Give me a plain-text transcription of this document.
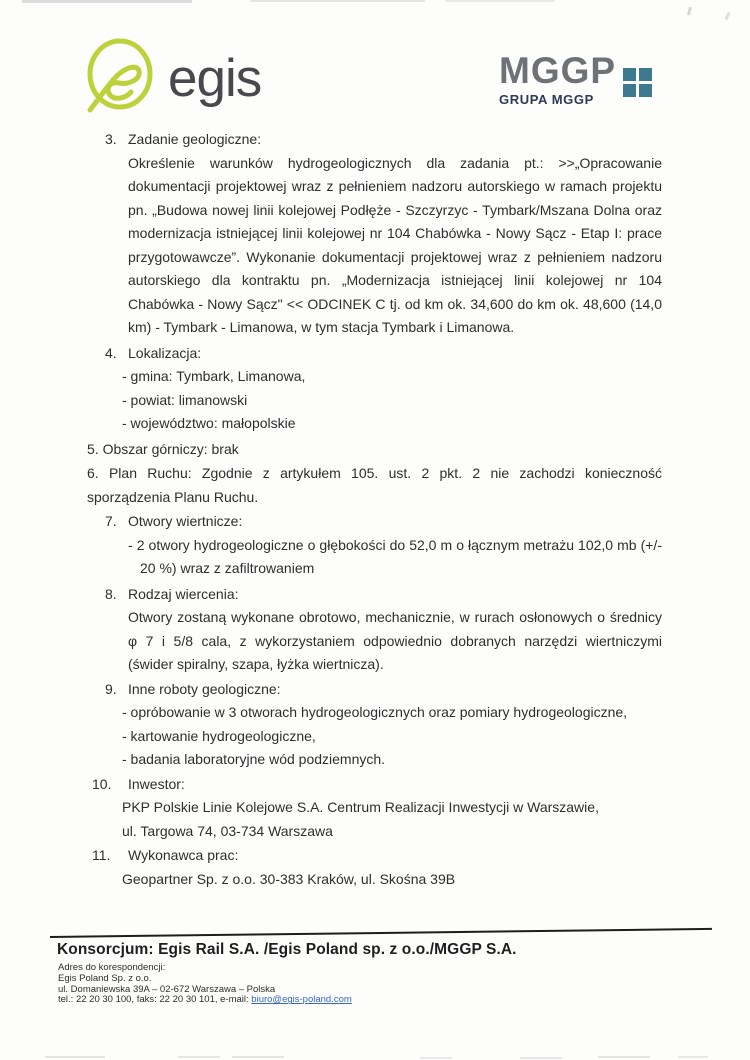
egis	MGGP
GRUPA MGGP
3. Zadanie geologiczne:
Określenie warunków hydrogeologicznych dla zadania pt.: >>„Opracowanie dokumentacji projektowej wraz z pełnieniem nadzoru autorskiego w ramach projektu pn. „Budowa nowej linii kolejowej Podłęże - Szczyrzyc - Tymbark/Mszana Dolna oraz modernizacja istniejącej linii kolejowej nr 104 Chabówka - Nowy Sącz - Etap I: prace przygotowawcze”. Wykonanie dokumentacji projektowej wraz z pełnieniem nadzoru autorskiego dla kontraktu pn. „Modernizacja istniejącej linii kolejowej nr 104 Chabówka - Nowy Sącz" << ODCINEK C tj. od km ok. 34,600 do km ok. 48,600 (14,0 km) - Tymbark - Limanowa, w tym stacja Tymbark i Limanowa.
4. Lokalizacja:
- gmina: Tymbark, Limanowa,
- powiat: limanowski
- województwo: małopolskie
5. Obszar górniczy: brak
6. Plan Ruchu: Zgodnie z artykułem 105. ust. 2 pkt. 2 nie zachodzi konieczność sporządzenia Planu Ruchu.
7. Otwory wiertnicze:
- 2 otwory hydrogeologiczne o głębokości do 52,0 m o łącznym metrażu 102,0 mb (+/- 20 %) wraz z zafiltrowaniem
8. Rodzaj wiercenia:
Otwory zostaną wykonane obrotowo, mechanicznie, w rurach osłonowych o średnicy φ 7 i 5/8 cala, z wykorzystaniem odpowiednio dobranych narzędzi wiertniczymi (świder spiralny, szapa, łyżka wiertnicza).
9. Inne roboty geologiczne:
- opróbowanie w 3 otworach hydrogeologicznych oraz pomiary hydrogeologiczne,
- kartowanie hydrogeologiczne,
- badania laboratoryjne wód podziemnych.
10.	Inwestor:
PKP Polskie Linie Kolejowe S.A. Centrum Realizacji Inwestycji w Warszawie,
ul. Targowa 74, 03-734 Warszawa
11.	Wykonawca prac:
Geopartner Sp. z o.o. 30-383 Kraków, ul. Skośna 39B
Konsorcjum: Egis Rail S.A. /Egis Poland sp. z o.o./MGGP S.A.
Adres do korespondencji:
Egis Poland Sp. z o.o.
ul. Domaniewska 39A – 02-672 Warszawa – Polska
tel.: 22 20 30 100, faks: 22 20 30 101, e-mail: biuro@egis-poland.com
